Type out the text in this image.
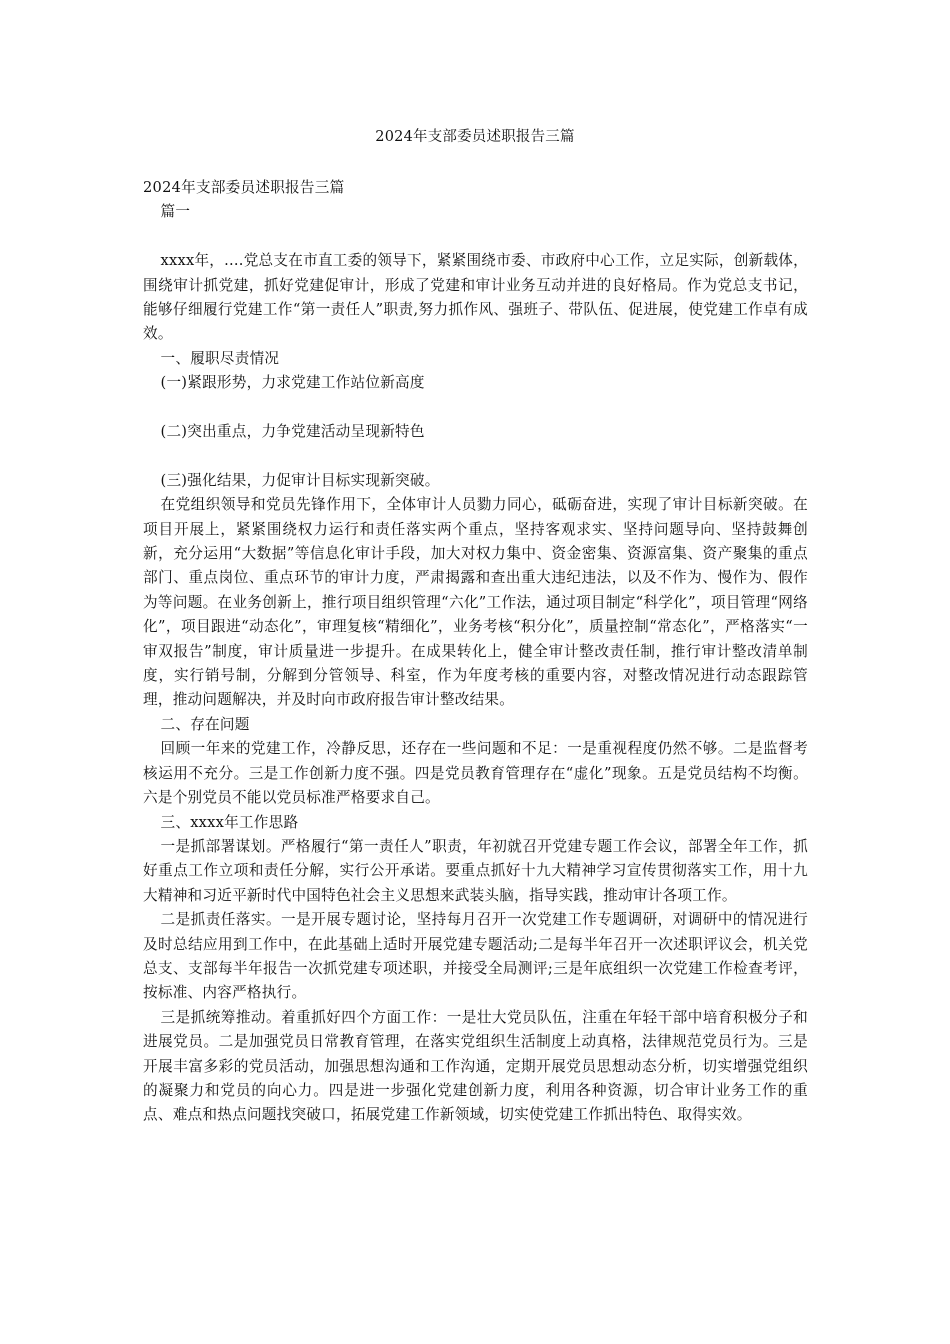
2024年支部委员述职报告三篇

2024年支部委员述职报告三篇

篇一

xxxx年，....党总支在市直工委的领导下，紧紧围绕市委、市政府中心工作，立足实际，创新载体，围绕审计抓党建，抓好党建促审计，形成了党建和审计业务互动并进的良好格局。作为党总支书记，能够仔细履行党建工作“第一责任人”职责,努力抓作风、强班子、带队伍、促进展，使党建工作卓有成效。

一、履职尽责情况

(一)紧跟形势，力求党建工作站位新高度

(二)突出重点，力争党建活动呈现新特色

(三)强化结果，力促审计目标实现新突破。

在党组织领导和党员先锋作用下，全体审计人员勠力同心，砥砺奋进，实现了审计目标新突破。在项目开展上，紧紧围绕权力运行和责任落实两个重点，坚持客观求实、坚持问题导向、坚持鼓舞创新，充分运用“大数据”等信息化审计手段，加大对权力集中、资金密集、资源富集、资产聚集的重点部门、重点岗位、重点环节的审计力度，严肃揭露和查出重大违纪违法，以及不作为、慢作为、假作为等问题。在业务创新上，推行项目组织管理“六化”工作法，通过项目制定“科学化”，项目管理“网络化”，项目跟进“动态化”，审理复核“精细化”，业务考核“积分化”，质量控制“常态化”，严格落实“一审双报告”制度，审计质量进一步提升。在成果转化上，健全审计整改责任制，推行审计整改清单制度，实行销号制，分解到分管领导、科室，作为年度考核的重要内容，对整改情况进行动态跟踪管理，推动问题解决，并及时向市政府报告审计整改结果。

二、存在问题

回顾一年来的党建工作，冷静反思，还存在一些问题和不足：一是重视程度仍然不够。二是监督考核运用不充分。三是工作创新力度不强。四是党员教育管理存在“虚化”现象。五是党员结构不均衡。六是个别党员不能以党员标准严格要求自己。

三、xxxx年工作思路

一是抓部署谋划。严格履行“第一责任人”职责，年初就召开党建专题工作会议，部署全年工作，抓好重点工作立项和责任分解，实行公开承诺。要重点抓好十九大精神学习宣传贯彻落实工作，用十九大精神和习近平新时代中国特色社会主义思想来武装头脑，指导实践，推动审计各项工作。

二是抓责任落实。一是开展专题讨论，坚持每月召开一次党建工作专题调研，对调研中的情况进行及时总结应用到工作中，在此基础上适时开展党建专题活动;二是每半年召开一次述职评议会，机关党总支、支部每半年报告一次抓党建专项述职，并接受全局测评;三是年底组织一次党建工作检查考评，按标准、内容严格执行。

三是抓统筹推动。着重抓好四个方面工作：一是壮大党员队伍，注重在年轻干部中培育积极分子和进展党员。二是加强党员日常教育管理，在落实党组织生活制度上动真格，法律规范党员行为。三是开展丰富多彩的党员活动，加强思想沟通和工作沟通，定期开展党员思想动态分析，切实增强党组织的凝聚力和党员的向心力。四是进一步强化党建创新力度，利用各种资源，切合审计业务工作的重点、难点和热点问题找突破口，拓展党建工作新领域，切实使党建工作抓出特色、取得实效。
